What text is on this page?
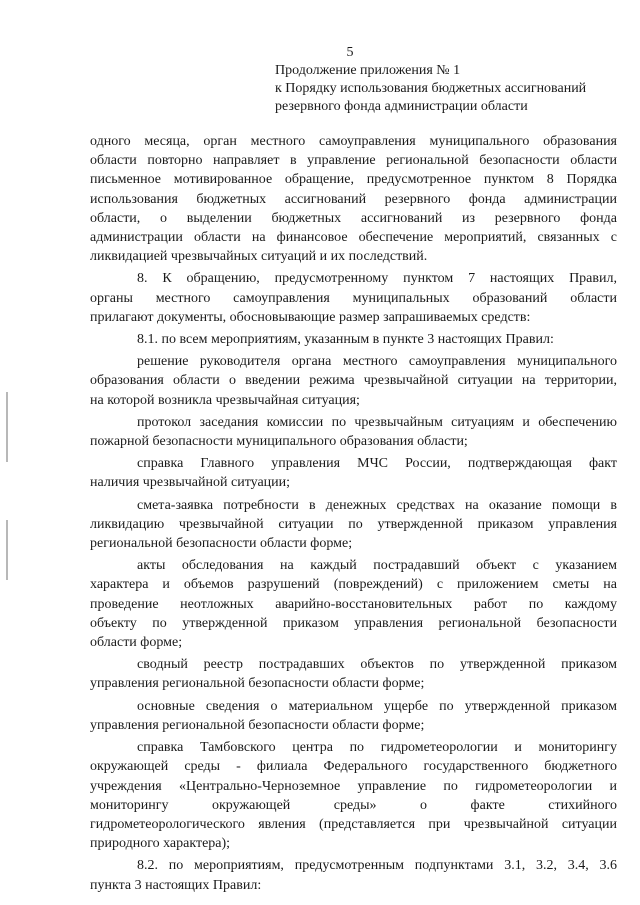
5
Продолжение приложения № 1
к Порядку использования бюджетных ассигнований
резервного фонда администрации области
одного месяца, орган местного самоуправления муниципального образования
области повторно направляет в управление региональной безопасности области
письменное мотивированное обращение, предусмотренное пунктом 8 Порядка
использования бюджетных ассигнований резервного фонда администрации
области, о выделении бюджетных ассигнований из резервного фонда
администрации области на финансовое обеспечение мероприятий, связанных с
ликвидацией чрезвычайных ситуаций и их последствий.
8. К обращению, предусмотренному пунктом 7 настоящих Правил,
органы местного самоуправления муниципальных образований области
прилагают документы, обосновывающие размер запрашиваемых средств:
8.1. по всем мероприятиям, указанным в пункте 3 настоящих Правил:
решение руководителя органа местного самоуправления муниципального
образования области о введении режима чрезвычайной ситуации на территории,
на которой возникла чрезвычайная ситуация;
протокол заседания комиссии по чрезвычайным ситуациям и обеспечению
пожарной безопасности муниципального образования области;
справка Главного управления МЧС России, подтверждающая факт
наличия чрезвычайной ситуации;
смета-заявка потребности в денежных средствах на оказание помощи в
ликвидацию чрезвычайной ситуации по утвержденной приказом управления
региональной безопасности области форме;
акты обследования на каждый пострадавший объект с указанием
характера и объемов разрушений (повреждений) с приложением сметы на
проведение неотложных аварийно-восстановительных работ по каждому
объекту по утвержденной приказом управления региональной безопасности
области форме;
сводный реестр пострадавших объектов по утвержденной приказом
управления региональной безопасности области форме;
основные сведения о материальном ущербе по утвержденной приказом
управления региональной безопасности области форме;
справка Тамбовского центра по гидрометеорологии и мониторингу
окружающей среды - филиала Федерального государственного бюджетного
учреждения «Центрально-Черноземное управление по гидрометеорологии и
мониторингу окружающей среды» о факте стихийного
гидрометеорологического явления (представляется при чрезвычайной ситуации
природного характера);
8.2. по мероприятиям, предусмотренным подпунктами 3.1, 3.2, 3.4, 3.6
пункта 3 настоящих Правил:
